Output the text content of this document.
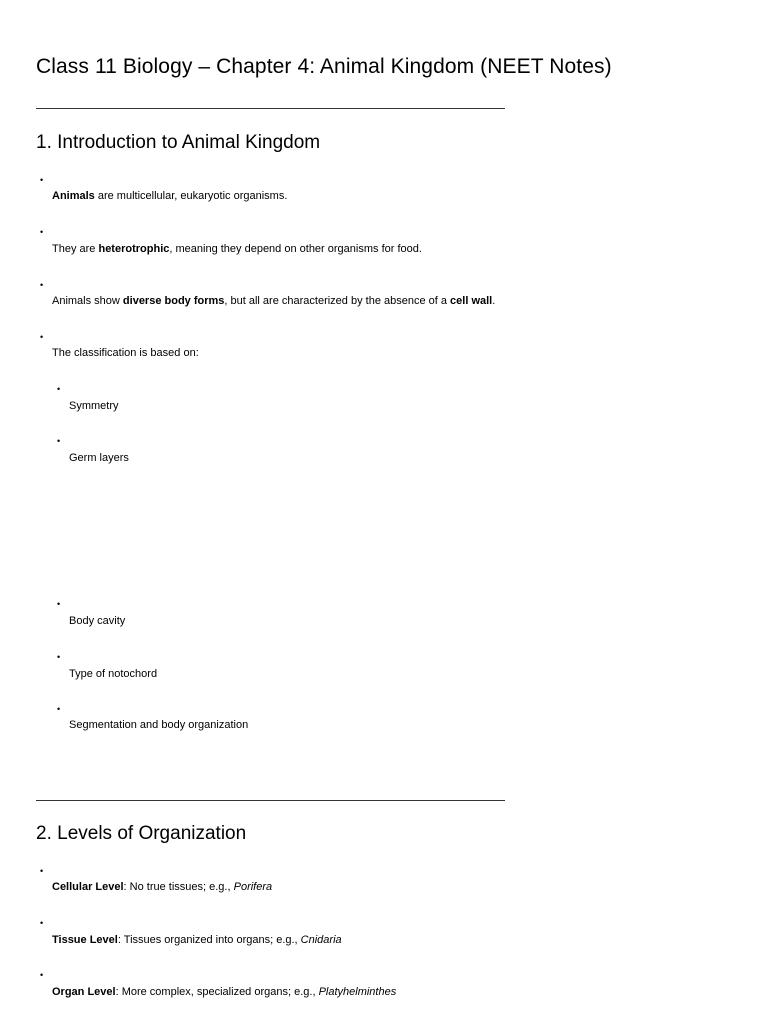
Class 11 Biology – Chapter 4: Animal Kingdom (NEET Notes)
1. Introduction to Animal Kingdom
•
Animals are multicellular, eukaryotic organisms.
•
They are heterotrophic, meaning they depend on other organisms for food.
•
Animals show diverse body forms, but all are characterized by the absence of a cell wall.
•
The classification is based on:
•
Symmetry
•
Germ layers
•
Body cavity
•
Type of notochord
•
Segmentation and body organization
2. Levels of Organization
•
Cellular Level: No true tissues; e.g., Porifera
•
Tissue Level: Tissues organized into organs; e.g., Cnidaria
•
Organ Level: More complex, specialized organs; e.g., Platyhelminthes
